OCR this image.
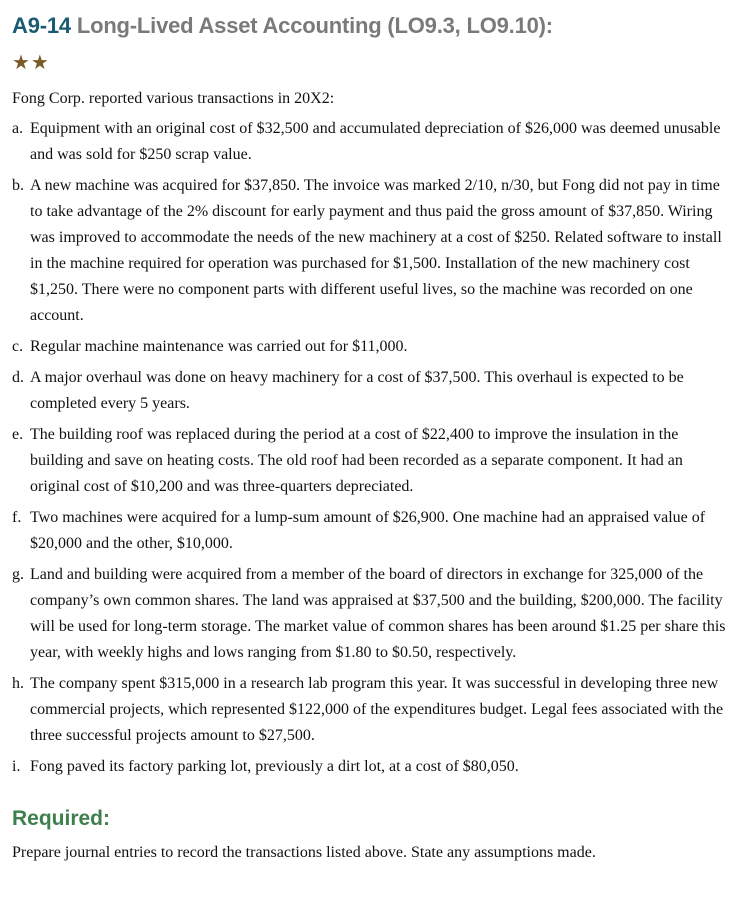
A9-14 Long-Lived Asset Accounting (LO9.3, LO9.10):
★★

Fong Corp. reported various transactions in 20X2:

a. Equipment with an original cost of $32,500 and accumulated depreciation of $26,000 was deemed unusable and was sold for $250 scrap value.
b. A new machine was acquired for $37,850. The invoice was marked 2/10, n/30, but Fong did not pay in time to take advantage of the 2% discount for early payment and thus paid the gross amount of $37,850. Wiring was improved to accommodate the needs of the new machinery at a cost of $250. Related software to install in the machine required for operation was purchased for $1,500. Installation of the new machinery cost $1,250. There were no component parts with different useful lives, so the machine was recorded on one account.
c. Regular machine maintenance was carried out for $11,000.
d. A major overhaul was done on heavy machinery for a cost of $37,500. This overhaul is expected to be completed every 5 years.
e. The building roof was replaced during the period at a cost of $22,400 to improve the insulation in the building and save on heating costs. The old roof had been recorded as a separate component. It had an original cost of $10,200 and was three-quarters depreciated.
f. Two machines were acquired for a lump-sum amount of $26,900. One machine had an appraised value of $20,000 and the other, $10,000.
g. Land and building were acquired from a member of the board of directors in exchange for 325,000 of the company’s own common shares. The land was appraised at $37,500 and the building, $200,000. The facility will be used for long-term storage. The market value of common shares has been around $1.25 per share this year, with weekly highs and lows ranging from $1.80 to $0.50, respectively.
h. The company spent $315,000 in a research lab program this year. It was successful in developing three new commercial projects, which represented $122,000 of the expenditures budget. Legal fees associated with the three successful projects amount to $27,500.
i. Fong paved its factory parking lot, previously a dirt lot, at a cost of $80,050.
Required:

Prepare journal entries to record the transactions listed above. State any assumptions made.
